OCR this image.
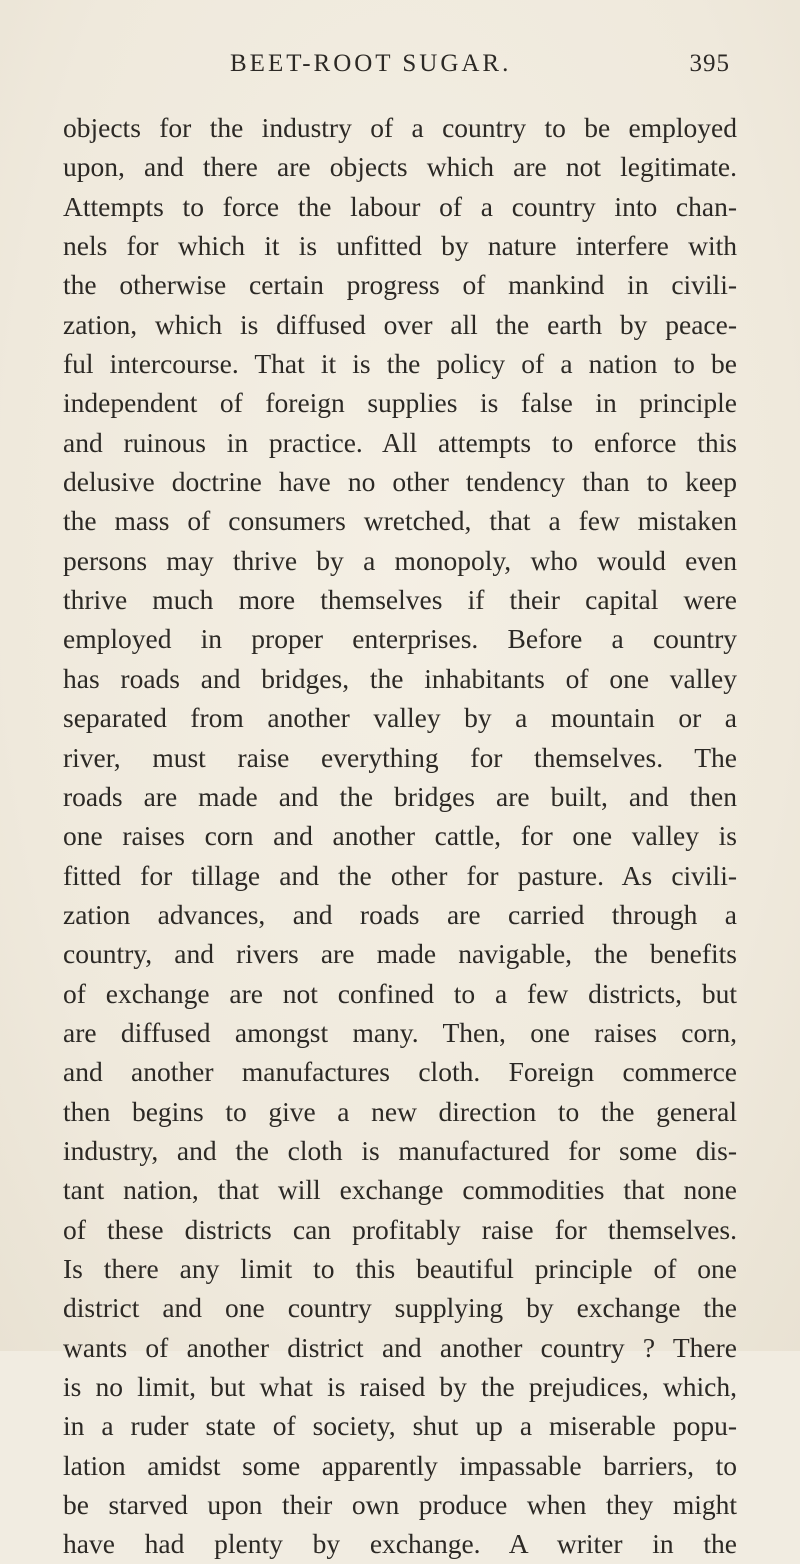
BEET-ROOT SUGAR.	395
objects for the industry of a country to be employed
upon, and there are objects which are not legitimate.
Attempts to force the labour of a country into chan-
nels for which it is unfitted by nature interfere with
the otherwise certain progress of mankind in civili-
zation, which is diffused over all the earth by peace-
ful intercourse. That it is the policy of a nation to be
independent of foreign supplies is false in principle
and ruinous in practice. All attempts to enforce this
delusive doctrine have no other tendency than to keep
the mass of consumers wretched, that a few mistaken
persons may thrive by a monopoly, who would even
thrive much more themselves if their capital were
employed in proper enterprises. Before a country
has roads and bridges, the inhabitants of one valley
separated from another valley by a mountain or a
river, must raise everything for themselves. The
roads are made and the bridges are built, and then
one raises corn and another cattle, for one valley is
fitted for tillage and the other for pasture. As civili-
zation advances, and roads are carried through a
country, and rivers are made navigable, the benefits
of exchange are not confined to a few districts, but
are diffused amongst many. Then, one raises corn,
and another manufactures cloth. Foreign commerce
then begins to give a new direction to the general
industry, and the cloth is manufactured for some dis-
tant nation, that will exchange commodities that none
of these districts can profitably raise for themselves.
Is there any limit to this beautiful principle of one
district and one country supplying by exchange the
wants of another district and another country ? There
is no limit, but what is raised by the prejudices, which,
in a ruder state of society, shut up a miserable popu-
lation amidst some apparently impassable barriers, to
be starved upon their own produce when they might
have had plenty by exchange. A writer in the
